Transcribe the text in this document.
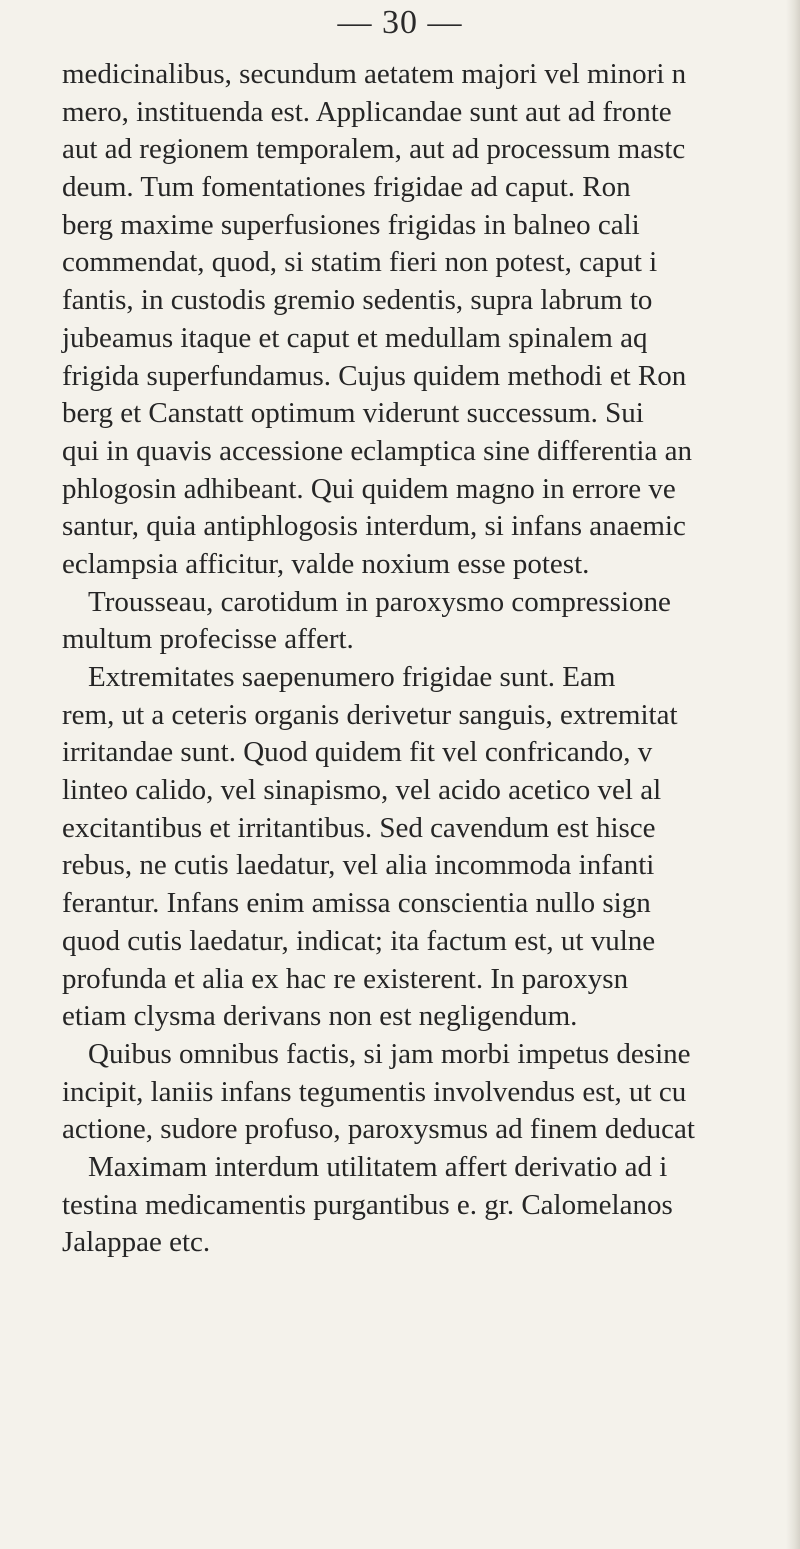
— 30 —
medicinalibus, secundum aetatem majori vel minori n
mero, instituenda est. Applicandae sunt aut ad fronte
aut ad regionem temporalem, aut ad processum mastc
deum. Tum fomentationes frigidae ad caput. Ron
berg maxime superfusiones frigidas in balneo cali
commendat, quod, si statim fieri non potest, caput i
fantis, in custodis gremio sedentis, supra labrum to
jubeamus itaque et caput et medullam spinalem aq
frigida superfundamus. Cujus quidem methodi et Ron
berg et Canstatt optimum viderunt successum. Sui
qui in quavis accessione eclamptica sine differentia an
phlogosin adhibeant. Qui quidem magno in errore ve
santur, quia antiphlogosis interdum, si infans anaemic
eclampsia afficitur, valde noxium esse potest.
Trousseau, carotidum in paroxysmo compressione
multum profecisse affert.
Extremitates saepenumero frigidae sunt. Eam
rem, ut a ceteris organis derivetur sanguis, extremitat
irritandae sunt. Quod quidem fit vel confricando, v
linteo calido, vel sinapismo, vel acido acetico vel al
excitantibus et irritantibus. Sed cavendum est hisce
rebus, ne cutis laedatur, vel alia incommoda infanti
ferantur. Infans enim amissa conscientia nullo sign
quod cutis laedatur, indicat; ita factum est, ut vulne
profunda et alia ex hac re existerent. In paroxysn
etiam clysma derivans non est negligendum.
Quibus omnibus factis, si jam morbi impetus desine
incipit, laniis infans tegumentis involvendus est, ut cu
actione, sudore profuso, paroxysmus ad finem deducat
Maximam interdum utilitatem affert derivatio ad i
testina medicamentis purgantibus e. gr. Calomelanos
Jalappae etc.
